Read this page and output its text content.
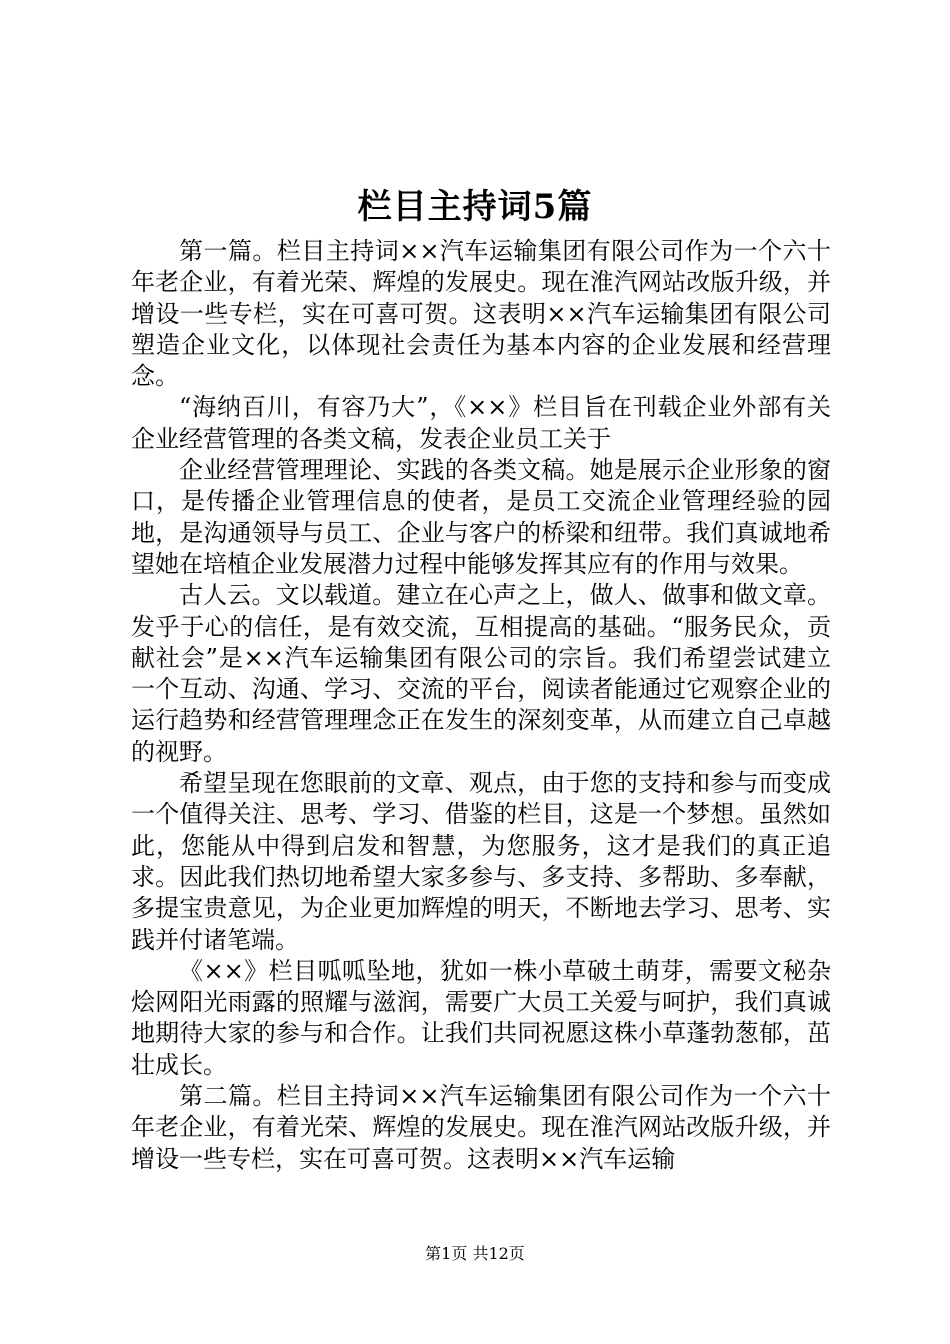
栏目主持词5篇

第一篇。栏目主持词××汽车运输集团有限公司作为一个六十年老企业，有着光荣、辉煌的发展史。现在淮汽网站改版升级，并增设一些专栏，实在可喜可贺。这表明××汽车运输集团有限公司塑造企业文化，以体现社会责任为基本内容的企业发展和经营理念。

“海纳百川，有容乃大”，《××》栏目旨在刊载企业外部有关企业经营管理的各类文稿，发表企业员工关于

企业经营管理理论、实践的各类文稿。她是展示企业形象的窗口，是传播企业管理信息的使者，是员工交流企业管理经验的园地，是沟通领导与员工、企业与客户的桥梁和纽带。我们真诚地希望她在培植企业发展潜力过程中能够发挥其应有的作用与效果。

古人云。文以载道。建立在心声之上，做人、做事和做文章。发乎于心的信任，是有效交流，互相提高的基础。“服务民众，贡献社会”是××汽车运输集团有限公司的宗旨。我们希望尝试建立一个互动、沟通、学习、交流的平台，阅读者能通过它观察企业的运行趋势和经营管理理念正在发生的深刻变革，从而建立自己卓越的视野。

希望呈现在您眼前的文章、观点，由于您的支持和参与而变成一个值得关注、思考、学习、借鉴的栏目，这是一个梦想。虽然如此，您能从中得到启发和智慧，为您服务，这才是我们的真正追求。因此我们热切地希望大家多参与、多支持、多帮助、多奉献，多提宝贵意见，为企业更加辉煌的明天，不断地去学习、思考、实践并付诸笔端。

《××》栏目呱呱坠地，犹如一株小草破土萌芽，需要文秘杂烩网阳光雨露的照耀与滋润，需要广大员工关爱与呵护，我们真诚地期待大家的参与和合作。让我们共同祝愿这株小草蓬勃葱郁，茁壮成长。

第二篇。栏目主持词××汽车运输集团有限公司作为一个六十年老企业，有着光荣、辉煌的发展史。现在淮汽网站改版升级，并增设一些专栏，实在可喜可贺。这表明××汽车运输

第1页 共12页
